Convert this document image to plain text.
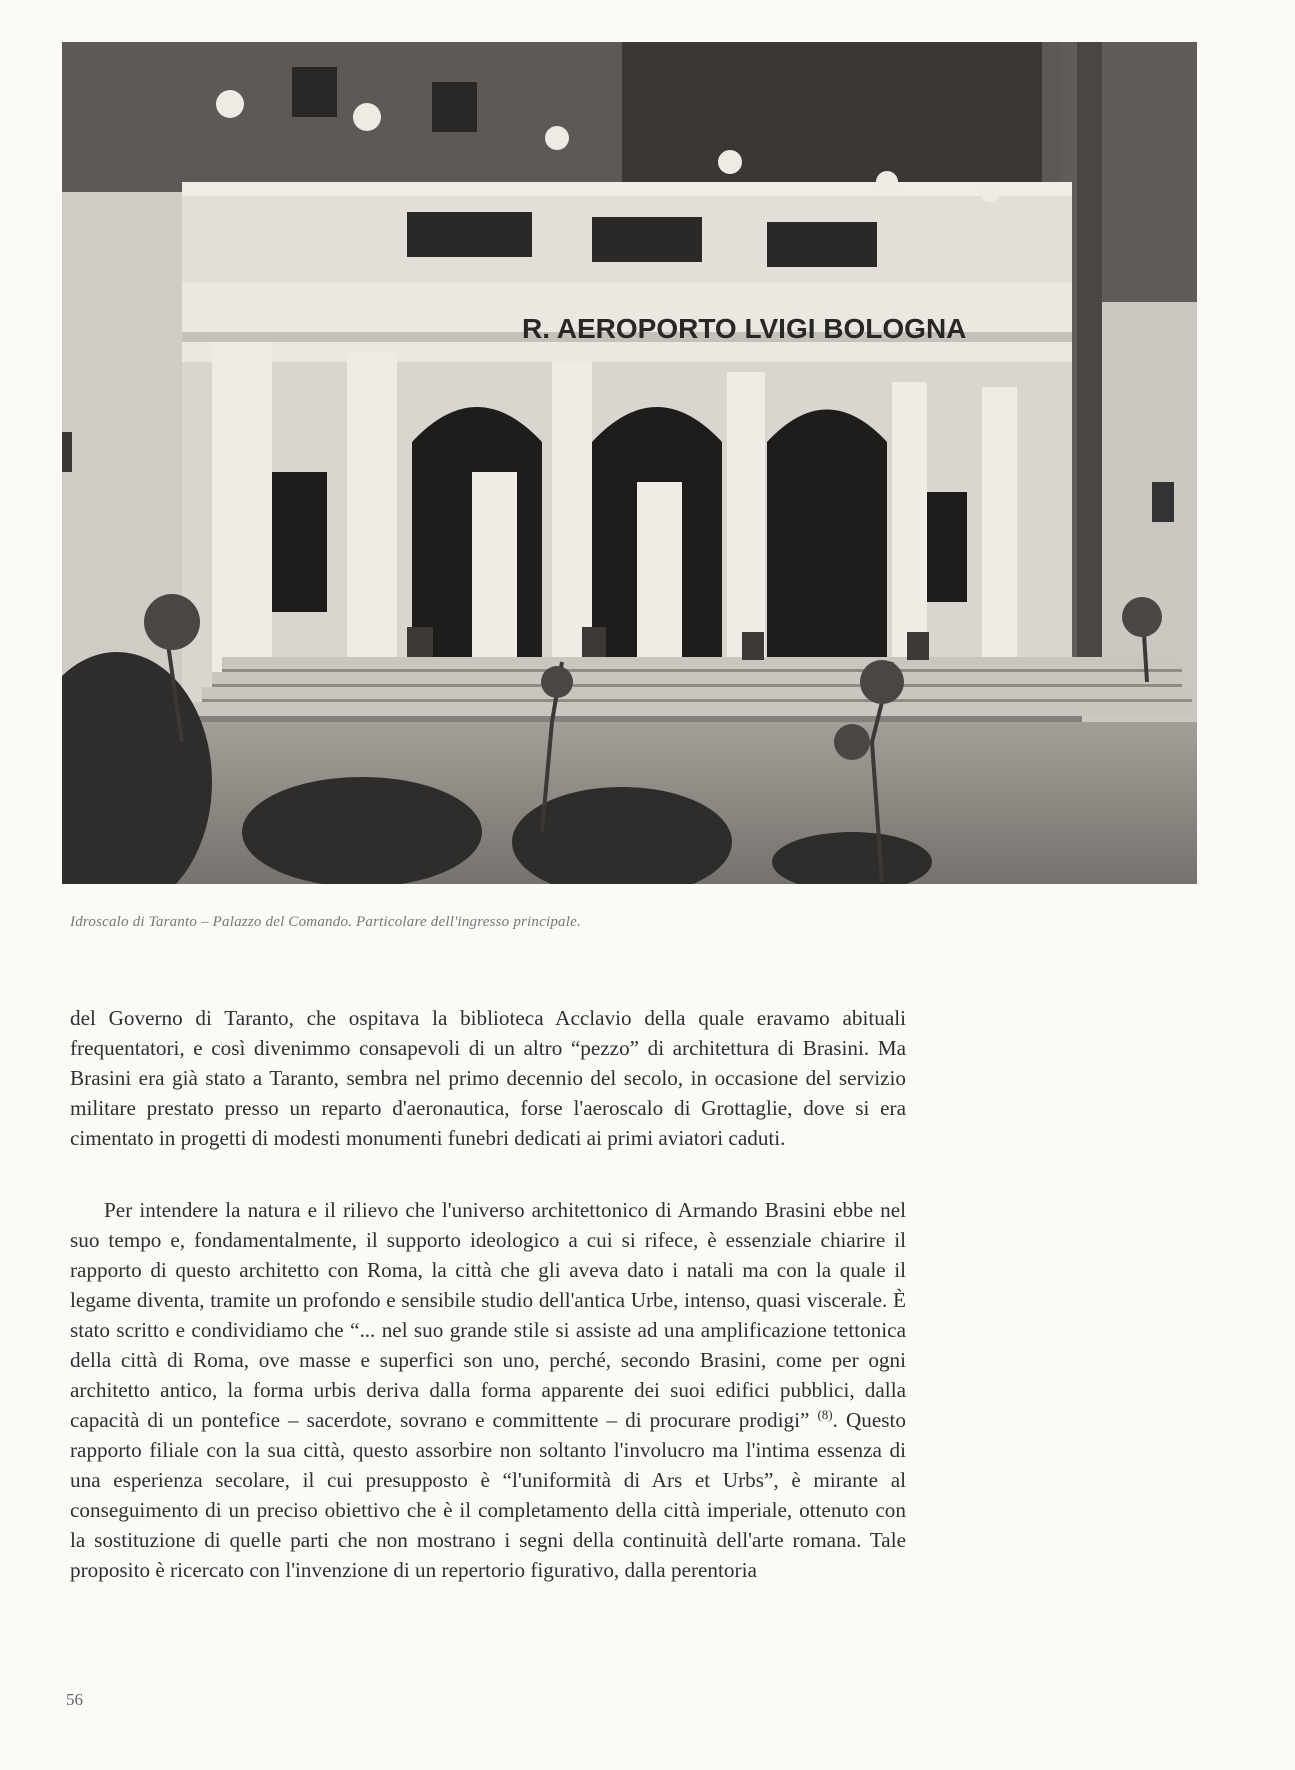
R. AEROPORTO LVIGI BOLOGNA
Idroscalo di Taranto – Palazzo del Comando. Particolare dell'ingresso principale.
del Governo di Taranto, che ospitava la biblioteca Acclavio della quale eravamo abituali frequentatori, e così divenimmo consapevoli di un altro “pezzo” di architettura di Brasini. Ma Brasini era già stato a Taranto, sembra nel primo decennio del secolo, in occasione del servizio militare prestato presso un reparto d'aeronautica, forse l'aeroscalo di Grottaglie, dove si era cimentato in progetti di modesti monumenti funebri dedicati ai primi aviatori caduti.
Per intendere la natura e il rilievo che l'universo architettonico di Armando Brasini ebbe nel suo tempo e, fondamentalmente, il supporto ideologico a cui si rifece, è essenziale chiarire il rapporto di questo architetto con Roma, la città che gli aveva dato i natali ma con la quale il legame diventa, tramite un profondo e sensibile studio dell'antica Urbe, intenso, quasi viscerale. È stato scritto e condividiamo che “... nel suo grande stile si assiste ad una amplificazione tettonica della città di Roma, ove masse e superfici son uno, perché, secondo Brasini, come per ogni architetto antico, la forma urbis deriva dalla forma apparente dei suoi edifici pubblici, dalla capacità di un pontefice – sacerdote, sovrano e committente – di procurare prodigi” $^{(8)}$. Questo rapporto filiale con la sua città, questo assorbire non soltanto l'involucro ma l'intima essenza di una esperienza secolare, il cui presupposto è “l'uniformità di Ars et Urbs”, è mirante al conseguimento di un preciso obiettivo che è il completamento della città imperiale, ottenuto con la sostituzione di quelle parti che non mostrano i segni della continuità dell'arte romana. Tale proposito è ricercato con l'invenzione di un repertorio figurativo, dalla perentoria
56
